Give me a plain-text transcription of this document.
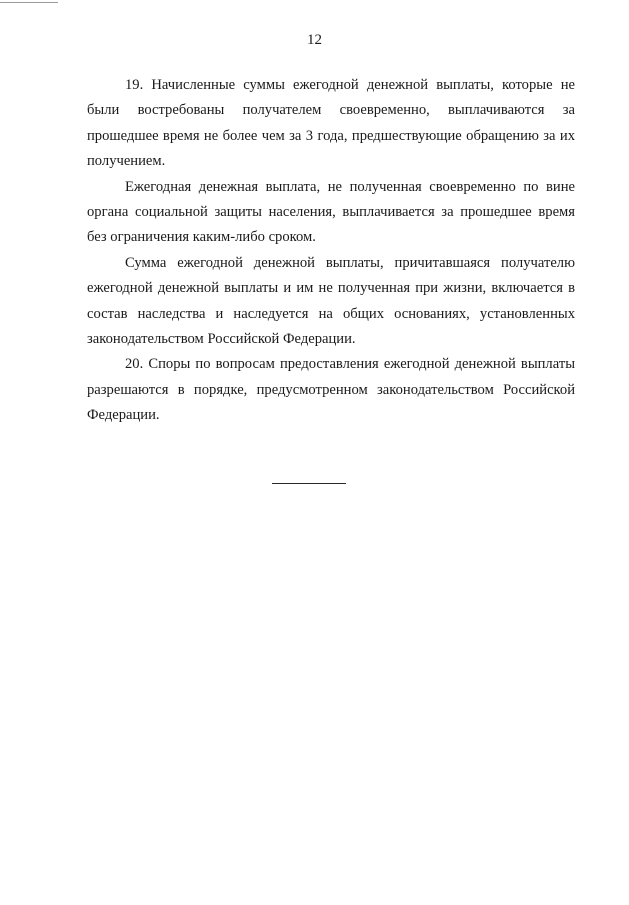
12

19. Начисленные суммы ежегодной денежной выплаты, которые не были востребованы получателем своевременно, выплачиваются за прошедшее время не более чем за 3 года, предшествующие обращению за их получением.

Ежегодная денежная выплата, не полученная своевременно по вине органа социальной защиты населения, выплачивается за прошедшее время без ограничения каким-либо сроком.

Сумма ежегодной денежной выплаты, причитавшаяся получателю ежегодной денежной выплаты и им не полученная при жизни, включается в состав наследства и наследуется на общих основаниях, установленных законодательством Российской Федерации.

20. Споры по вопросам предоставления ежегодной денежной выплаты разрешаются в порядке, предусмотренном законодательством Российской Федерации.
